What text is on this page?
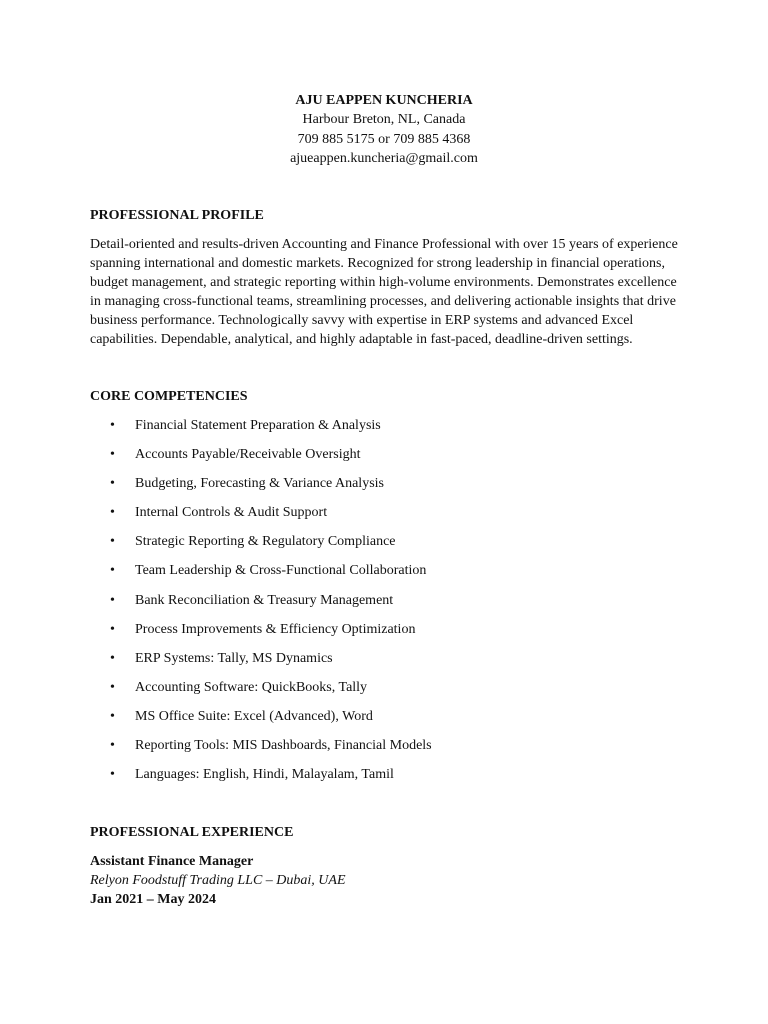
AJU EAPPEN KUNCHERIA
Harbour Breton, NL, Canada
709 885 5175 or 709 885 4368
ajueappen.kuncheria@gmail.com
PROFESSIONAL PROFILE
Detail-oriented and results-driven Accounting and Finance Professional with over 15 years of experience
spanning international and domestic markets. Recognized for strong leadership in financial operations,
budget management, and strategic reporting within high-volume environments. Demonstrates excellence
in managing cross-functional teams, streamlining processes, and delivering actionable insights that drive
business performance. Technologically savvy with expertise in ERP systems and advanced Excel
capabilities. Dependable, analytical, and highly adaptable in fast-paced, deadline-driven settings.
CORE COMPETENCIES
• Financial Statement Preparation & Analysis
• Accounts Payable/Receivable Oversight
• Budgeting, Forecasting & Variance Analysis
• Internal Controls & Audit Support
• Strategic Reporting & Regulatory Compliance
• Team Leadership & Cross-Functional Collaboration
• Bank Reconciliation & Treasury Management
• Process Improvements & Efficiency Optimization
• ERP Systems: Tally, MS Dynamics
• Accounting Software: QuickBooks, Tally
• MS Office Suite: Excel (Advanced), Word
• Reporting Tools: MIS Dashboards, Financial Models
• Languages: English, Hindi, Malayalam, Tamil
PROFESSIONAL EXPERIENCE
Assistant Finance Manager
Relyon Foodstuff Trading LLC – Dubai, UAE
Jan 2021 – May 2024
